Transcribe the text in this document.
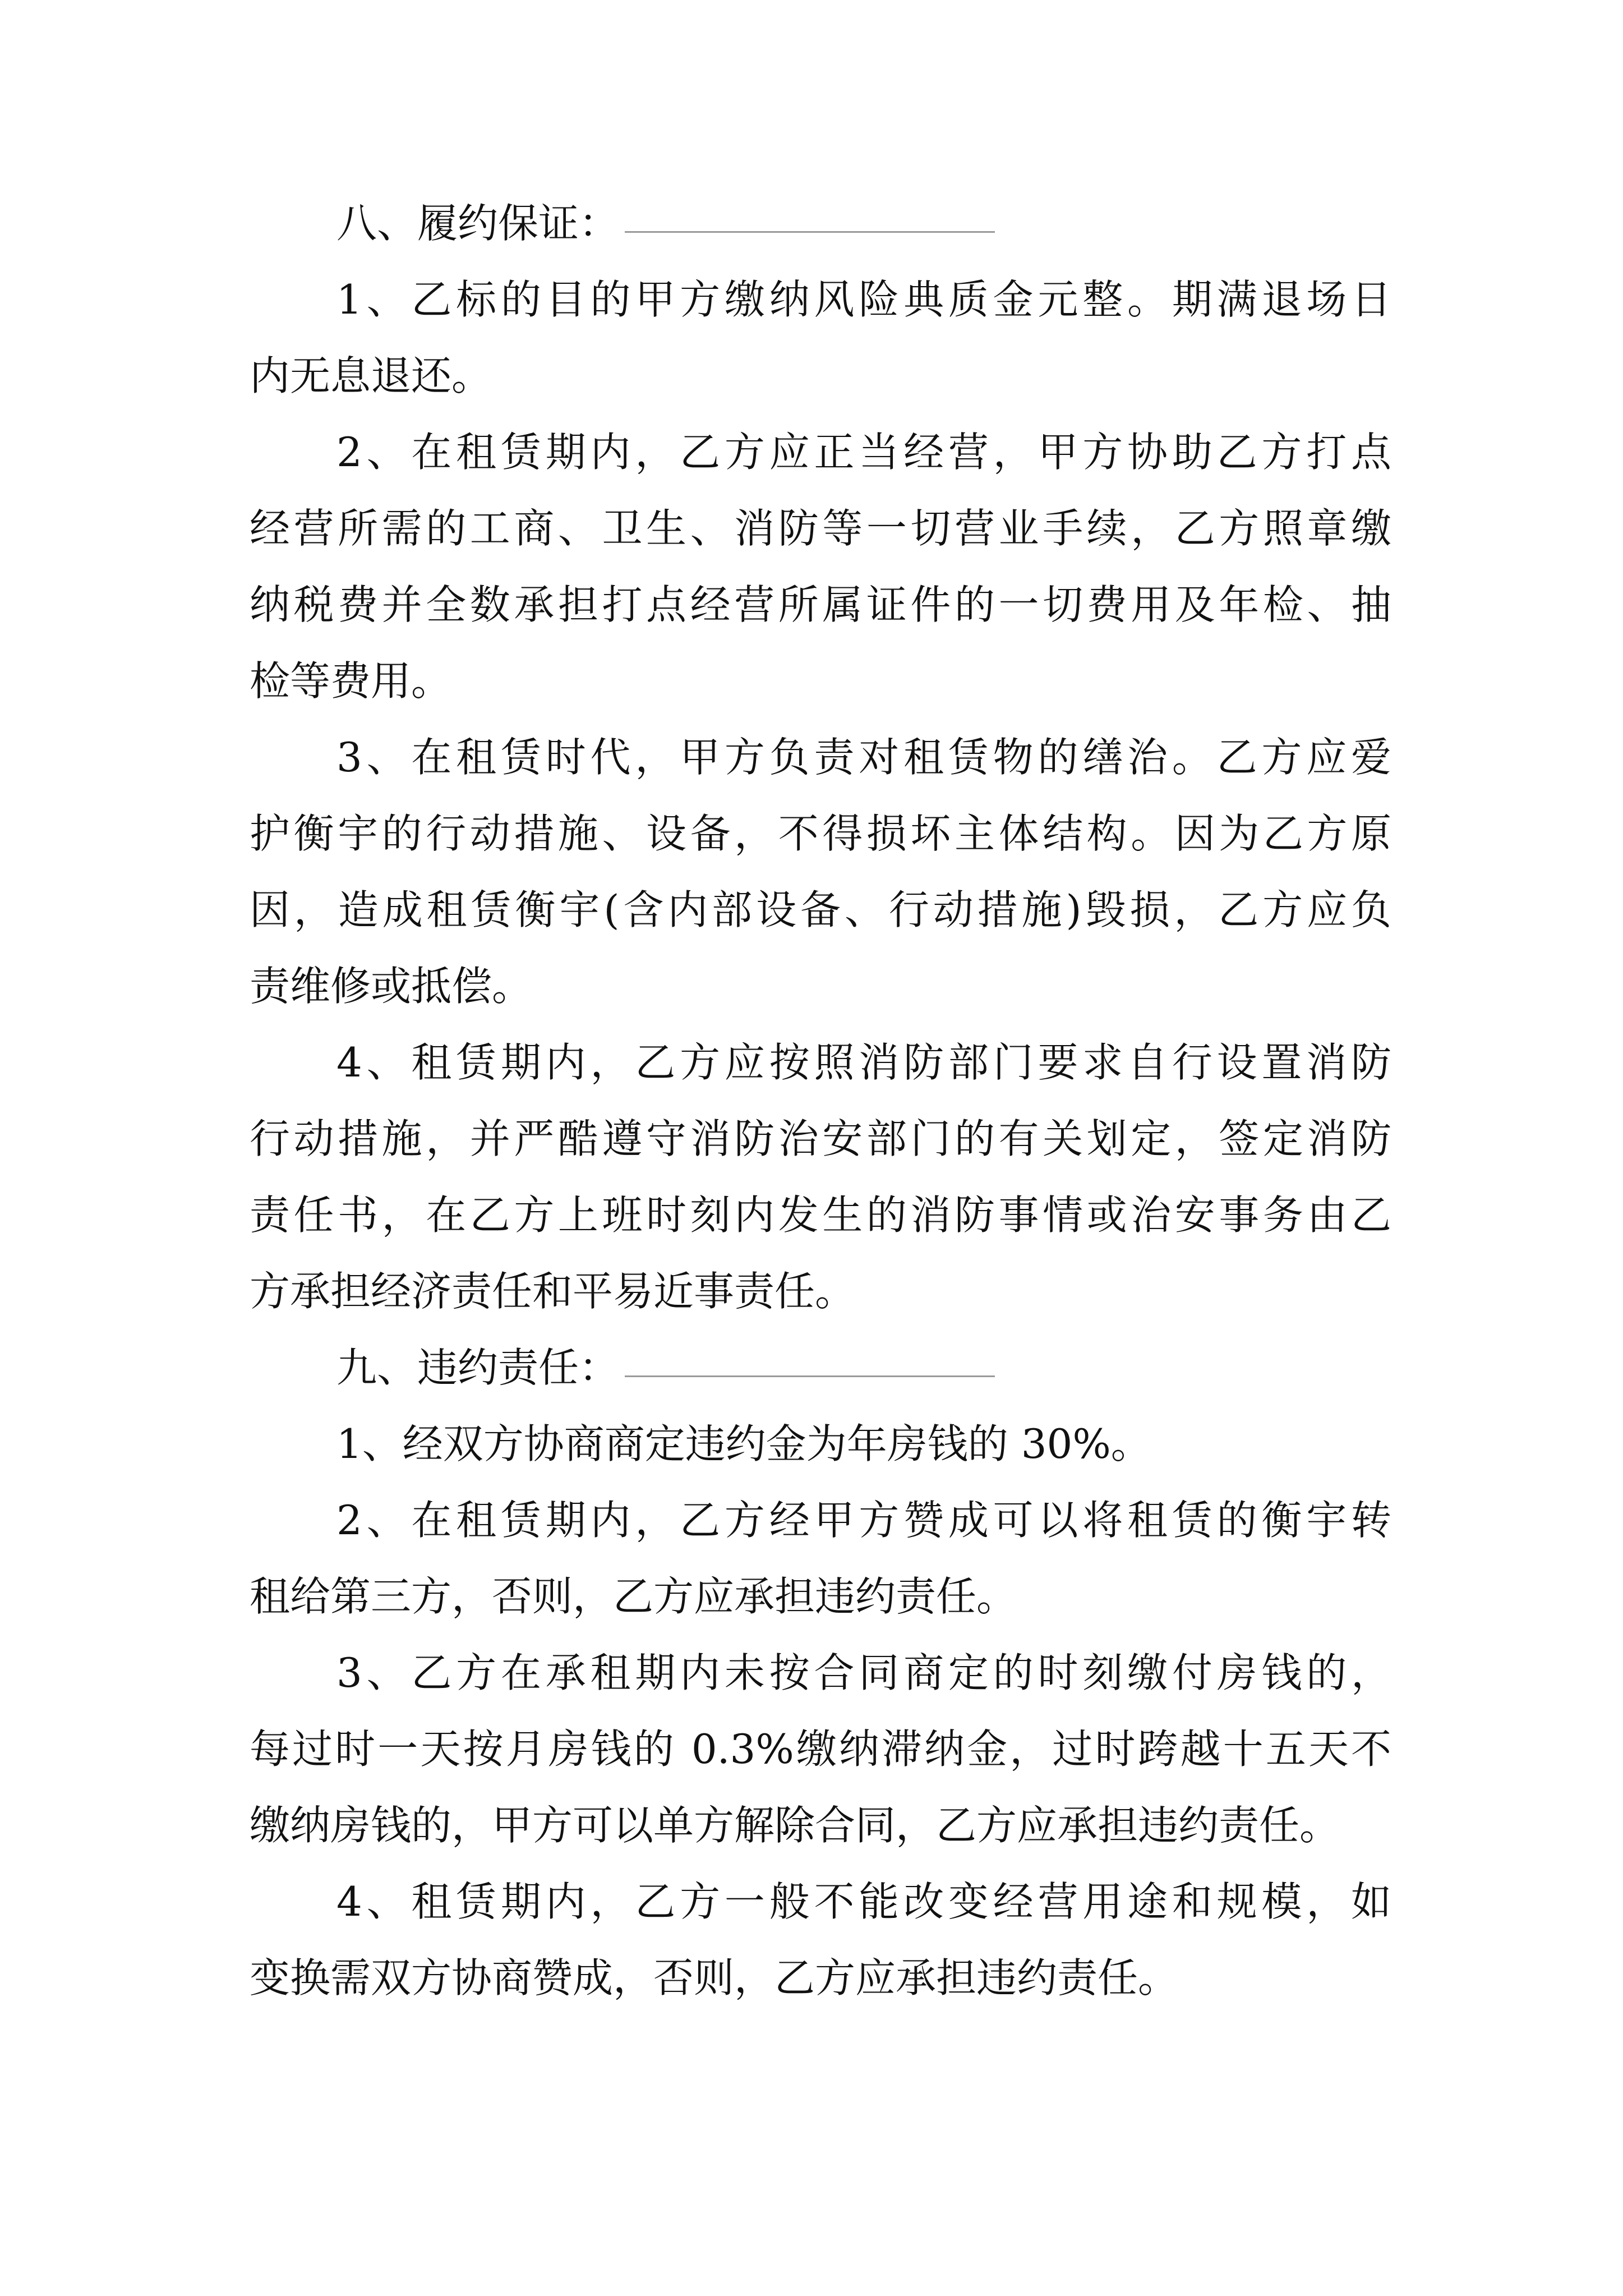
八、履约保证：
1、乙标的目的甲方缴纳风险典质金元整。期满退场日
内无息退还。
2、在租赁期内，乙方应正当经营，甲方协助乙方打点
经营所需的工商、卫生、消防等一切营业手续，乙方照章缴
纳税费并全数承担打点经营所属证件的一切费用及年检、抽
检等费用。
3、在租赁时代，甲方负责对租赁物的缮治。乙方应爱
护衡宇的行动措施、设备，不得损坏主体结构。因为乙方原
因，造成租赁衡宇(含内部设备、行动措施)毁损，乙方应负
责维修或抵偿。
4、租赁期内，乙方应按照消防部门要求自行设置消防
行动措施，并严酷遵守消防治安部门的有关划定，签定消防
责任书，在乙方上班时刻内发生的消防事情或治安事务由乙
方承担经济责任和平易近事责任。
九、违约责任：
1、经双方协商商定违约金为年房钱的 30%。
2、在租赁期内，乙方经甲方赞成可以将租赁的衡宇转
租给第三方，否则，乙方应承担违约责任。
3、乙方在承租期内未按合同商定的时刻缴付房钱的，
每过时一天按月房钱的 0.3%缴纳滞纳金，过时跨越十五天不
缴纳房钱的，甲方可以单方解除合同，乙方应承担违约责任。
4、租赁期内，乙方一般不能改变经营用途和规模，如
变换需双方协商赞成，否则，乙方应承担违约责任。
